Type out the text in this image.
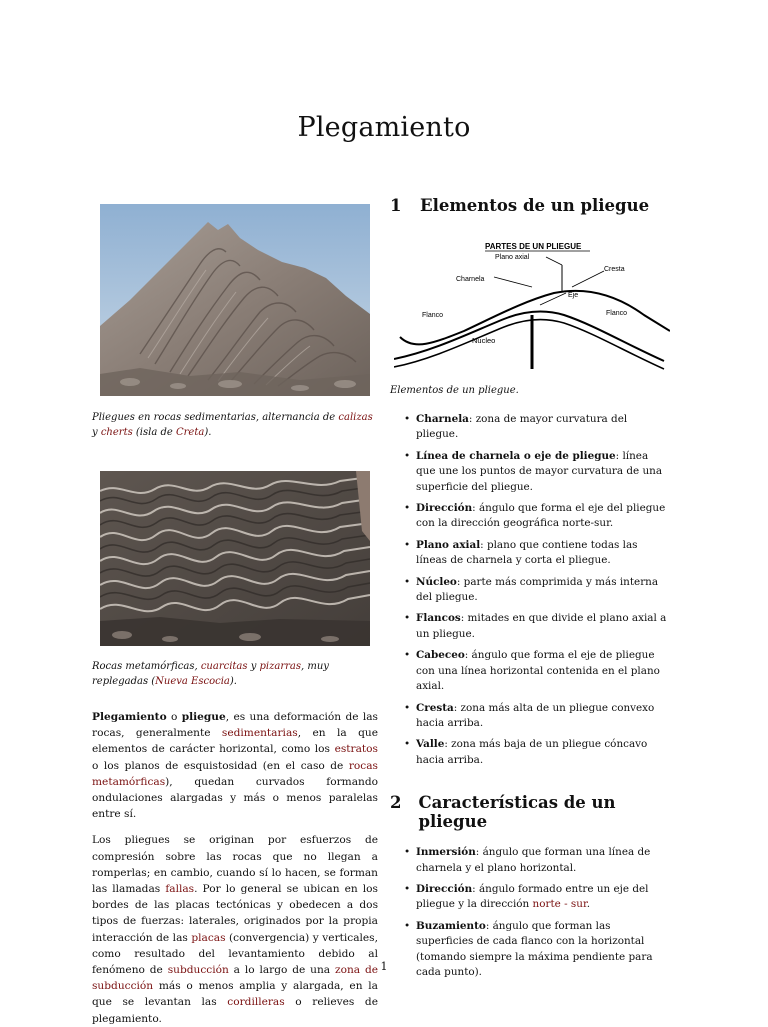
Plegamiento
Pliegues en rocas sedimentarias, alternancia de calizas y cherts (isla de Creta).
Rocas metamórficas, cuarcitas y pizarras, muy replegadas (Nueva Escocia).

Plegamiento o pliegue, es una deformación de las rocas, generalmente sedimentarias, en la que elementos de carácter horizontal, como los estratos o los planos de esquistosidad (en el caso de rocas metamórficas), quedan curvados formando ondulaciones alargadas y más o menos paralelas entre sí.

Los pliegues se originan por esfuerzos de compresión sobre las rocas que no llegan a romperlas; en cambio, cuando sí lo hacen, se forman las llamadas fallas. Por lo general se ubican en los bordes de las placas tectónicas y obedecen a dos tipos de fuerzas: laterales, originados por la propia interacción de las placas (convergencia) y verticales, como resultado del levantamiento debido al fenómeno de subducción a lo largo de una zona de subducción más o menos amplia y alargada, en la que se levantan las cordilleras o relieves de plegamiento.

1	Elementos de un pliegue
PARTES DE UN PLIEGUE
Plano axial
Charnela
Cresta
Eje
Flanco	Flanco
Nucleo

Elementos de un pliegue.

• Charnela: zona de mayor curvatura del pliegue.
• Línea de charnela o eje de pliegue: línea que une los puntos de mayor curvatura de una superficie del pliegue.
• Dirección: ángulo que forma el eje del pliegue con la dirección geográfica norte-sur.
• Plano axial: plano que contiene todas las líneas de charnela y corta el pliegue.
• Núcleo: parte más comprimida y más interna del pliegue.
• Flancos: mitades en que divide el plano axial a un pliegue.
• Cabeceo: ángulo que forma el eje de pliegue con una línea horizontal contenida en el plano axial.
• Cresta: zona más alta de un pliegue convexo hacia arriba.
• Valle: zona más baja de un pliegue cóncavo hacia arriba.
2	Características de un pliegue
• Inmersión: ángulo que forman una línea de charnela y el plano horizontal.
• Dirección: ángulo formado entre un eje del pliegue y la dirección norte - sur.
• Buzamiento: ángulo que forman las superficies de cada flanco con la horizontal (tomando siempre la máxima pendiente para cada punto).
1
